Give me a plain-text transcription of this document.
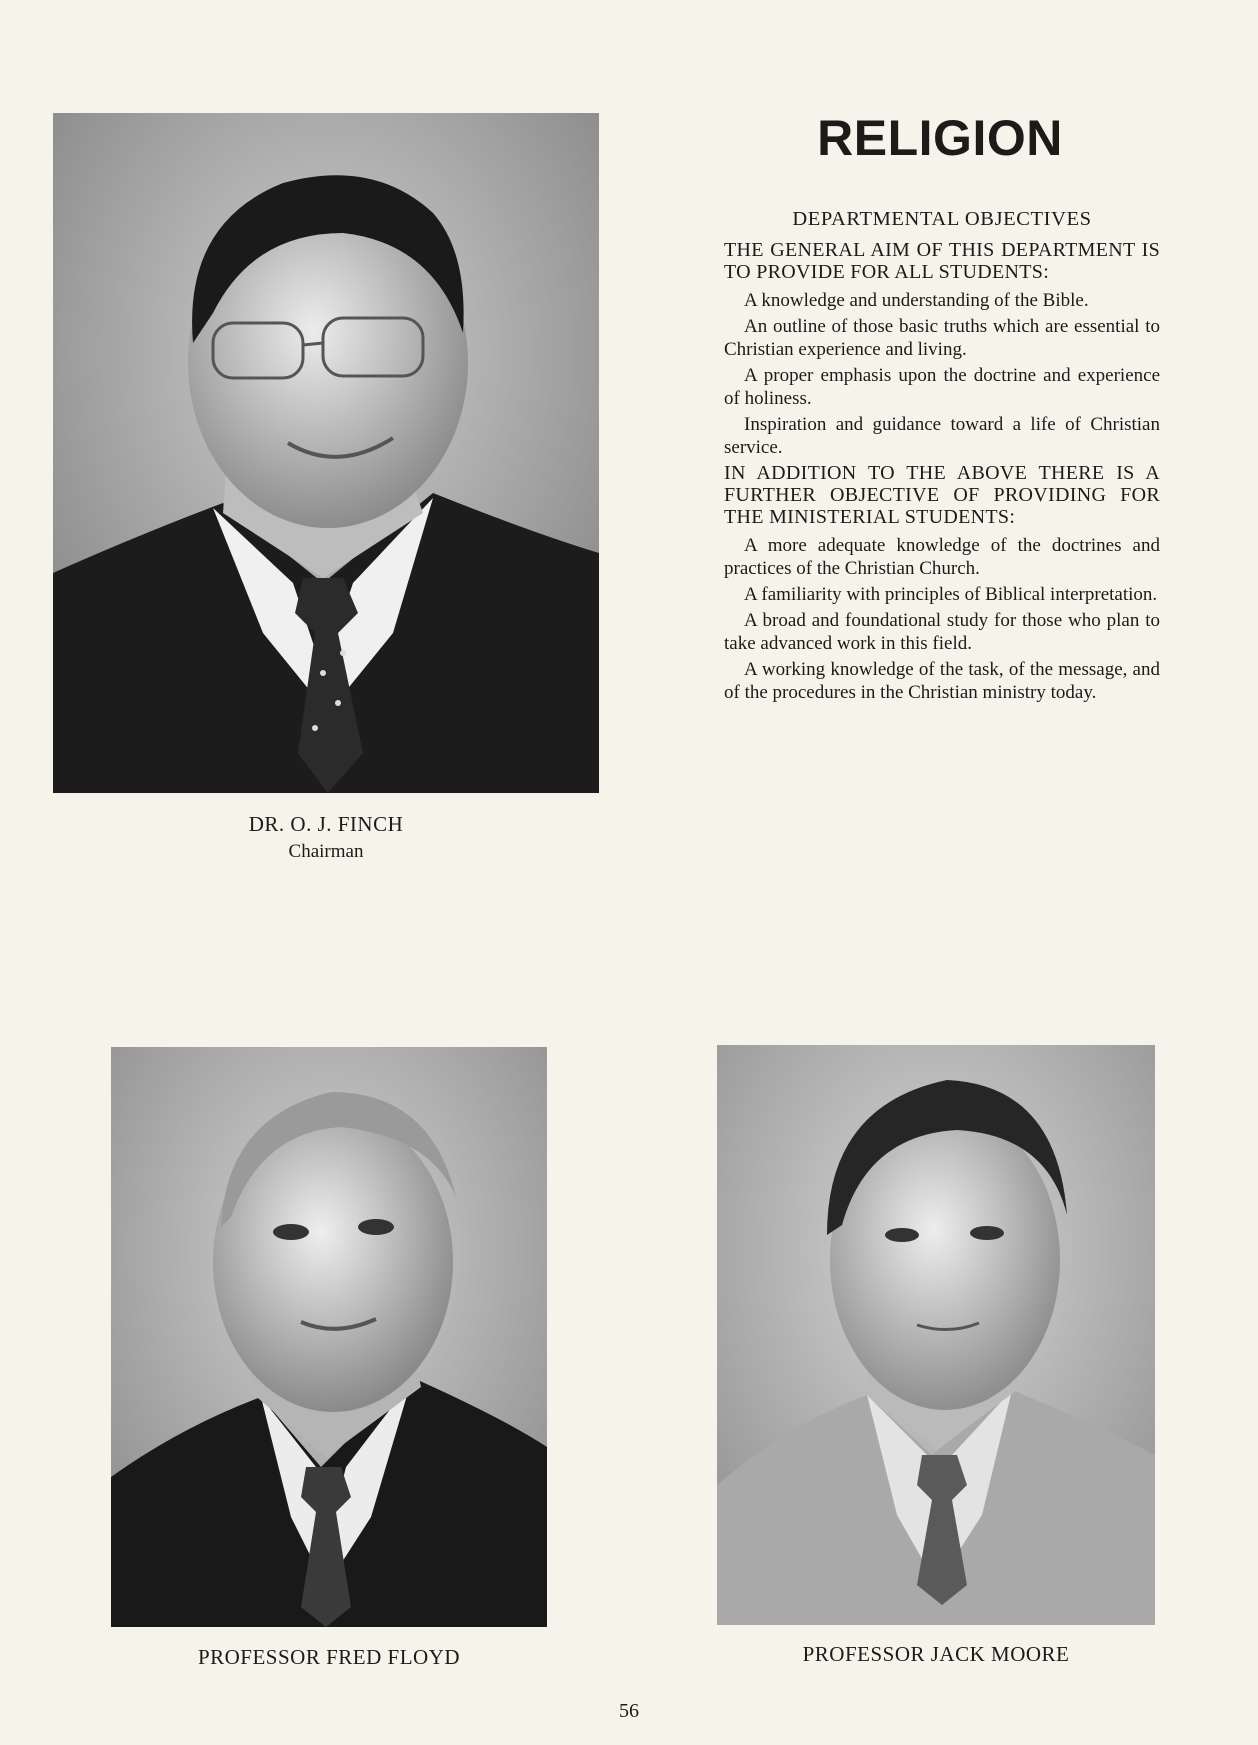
DR. O. J. FINCH
Chairman
RELIGION
DEPARTMENTAL OBJECTIVES

THE GENERAL AIM OF THIS DEPARTMENT IS TO PROVIDE FOR ALL STUDENTS:

A knowledge and understanding of the Bible.

An outline of those basic truths which are essential to Christian experience and living.

A proper emphasis upon the doctrine and experience of holiness.

Inspiration and guidance toward a life of Christian service.

IN ADDITION TO THE ABOVE THERE IS A FURTHER OBJECTIVE OF PROVIDING FOR THE MINISTERIAL STUDENTS:

A more adequate knowledge of the doctrines and practices of the Christian Church.

A familiarity with principles of Biblical interpretation.

A broad and foundational study for those who plan to take advanced work in this field.

A working knowledge of the task, of the message, and of the procedures in the Christian ministry today.

PROFESSOR FRED FLOYD	PROFESSOR JACK MOORE
56
